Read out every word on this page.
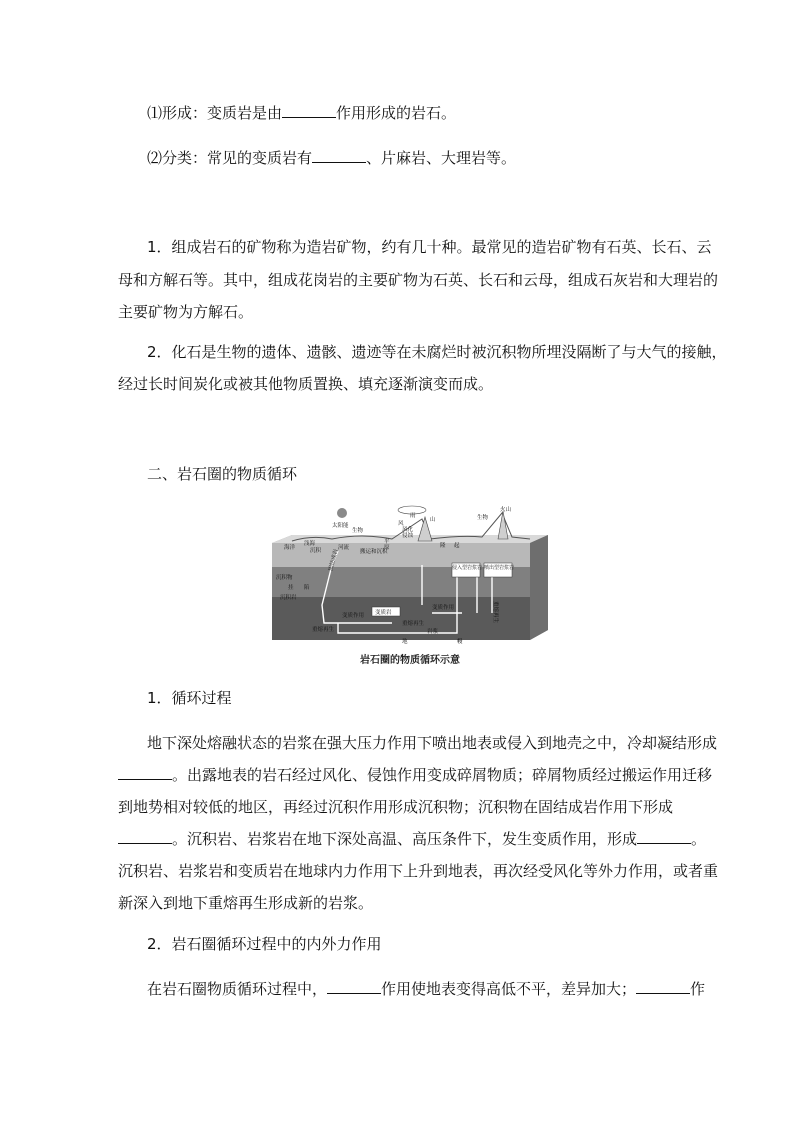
⑴形成：变质岩是由	作用形成的岩石。
⑵分类：常见的变质岩有	、片麻岩、大理岩等。
1．组成岩石的矿物称为造岩矿物，约有几十种。最常见的造岩矿物有石英、长石、云
母和方解石等。其中，组成花岗岩的主要矿物为石英、长石和云母，组成石灰岩和大理岩的
主要矿物为方解石。
2．化石是生物的遗体、遗骸、遗迹等在未腐烂时被沉积物所埋没隔断了与大气的接触，
经过长时间炭化或被其他物质置换、填充逐渐演变而成。
二、岩石圈的物质循环
太阳能
生物
生物
火山
海洋
浅海
沉积	河流
搬运和沉积
平
原
山
风
雨
风化
侵蚀
隆 起
沉积物
沉积岩
挂 陷
固结成岩	侵入型岩浆岩 喷出型岩浆岩
变质作用 变质岩
变质作用
重熔再生
重熔再生
重熔再生
岩浆
地	幔
岩石圈的物质循环示意
1．循环过程
地下深处熔融状态的岩浆在强大压力作用下喷出地表或侵入到地壳之中，冷却凝结形成
。出露地表的岩石经过风化、侵蚀作用变成碎屑物质；碎屑物质经过搬运作用迁移
到地势相对较低的地区，再经过沉积作用形成沉积物；沉积物在固结成岩作用下形成
。沉积岩、岩浆岩在地下深处高温、高压条件下，发生变质作用，形成	。
沉积岩、岩浆岩和变质岩在地球内力作用下上升到地表，再次经受风化等外力作用，或者重
新深入到地下重熔再生形成新的岩浆。
2．岩石圈循环过程中的内外力作用
在岩石圈物质循环过程中，	作用使地表变得高低不平，差异加大；	作
